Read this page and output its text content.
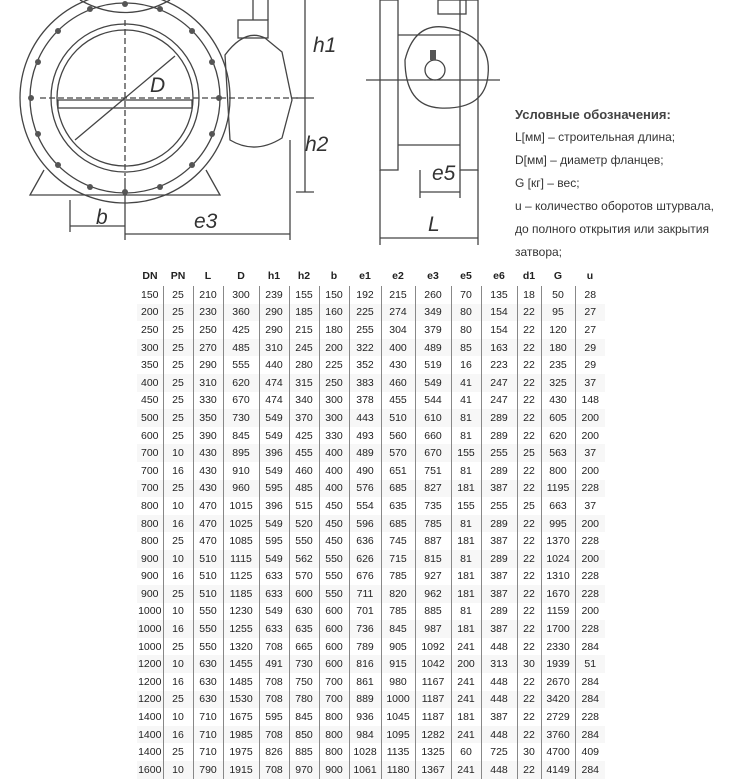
h1
h2
D
b	e3
e5
L
Условные обозначения:
L[мм] – строительная длина;
D[мм] – диаметр фланцев;
G [кг] – вес;
u – количество оборотов штурвала,
до полного открытия или закрытия
затвора;
DN	PN	L	D	h1	h2	b	e1	e2	e3	e5	e6	d1	G	u
150	25	210	300	239	155	150	192	215	260	70	135	18	50	28
200	25	230	360	290	185	160	225	274	349	80	154	22	95	27
250	25	250	425	290	215	180	255	304	379	80	154	22	120	27
300	25	270	485	310	245	200	322	400	489	85	163	22	180	29
350	25	290	555	440	280	225	352	430	519	16	223	22	235	29
400	25	310	620	474	315	250	383	460	549	41	247	22	325	37
450	25	330	670	474	340	300	378	455	544	41	247	22	430	148
500	25	350	730	549	370	300	443	510	610	81	289	22	605	200
600	25	390	845	549	425	330	493	560	660	81	289	22	620	200
700	10	430	895	396	455	400	489	570	670	155	255	25	563	37
700	16	430	910	549	460	400	490	651	751	81	289	22	800	200
700	25	430	960	595	485	400	576	685	827	181	387	22	1195	228
800	10	470	1015	396	515	450	554	635	735	155	255	25	663	37
800	16	470	1025	549	520	450	596	685	785	81	289	22	995	200
800	25	470	1085	595	550	450	636	745	887	181	387	22	1370	228
900	10	510	1115	549	562	550	626	715	815	81	289	22	1024	200
900	16	510	1125	633	570	550	676	785	927	181	387	22	1310	228
900	25	510	1185	633	600	550	711	820	962	181	387	22	1670	228
1000	10	550	1230	549	630	600	701	785	885	81	289	22	1159	200
1000	16	550	1255	633	635	600	736	845	987	181	387	22	1700	228
1000	25	550	1320	708	665	600	789	905	1092	241	448	22	2330	284
1200	10	630	1455	491	730	600	816	915	1042	200	313	30	1939	51
1200	16	630	1485	708	750	700	861	980	1167	241	448	22	2670	284
1200	25	630	1530	708	780	700	889	1000	1187	241	448	22	3420	284
1400	10	710	1675	595	845	800	936	1045	1187	181	387	22	2729	228
1400	16	710	1985	708	850	800	984	1095	1282	241	448	22	3760	284
1400	25	710	1975	826	885	800	1028	1135	1325	60	725	30	4700	409
1600	10	790	1915	708	970	900	1061	1180	1367	241	448	22	4149	284
